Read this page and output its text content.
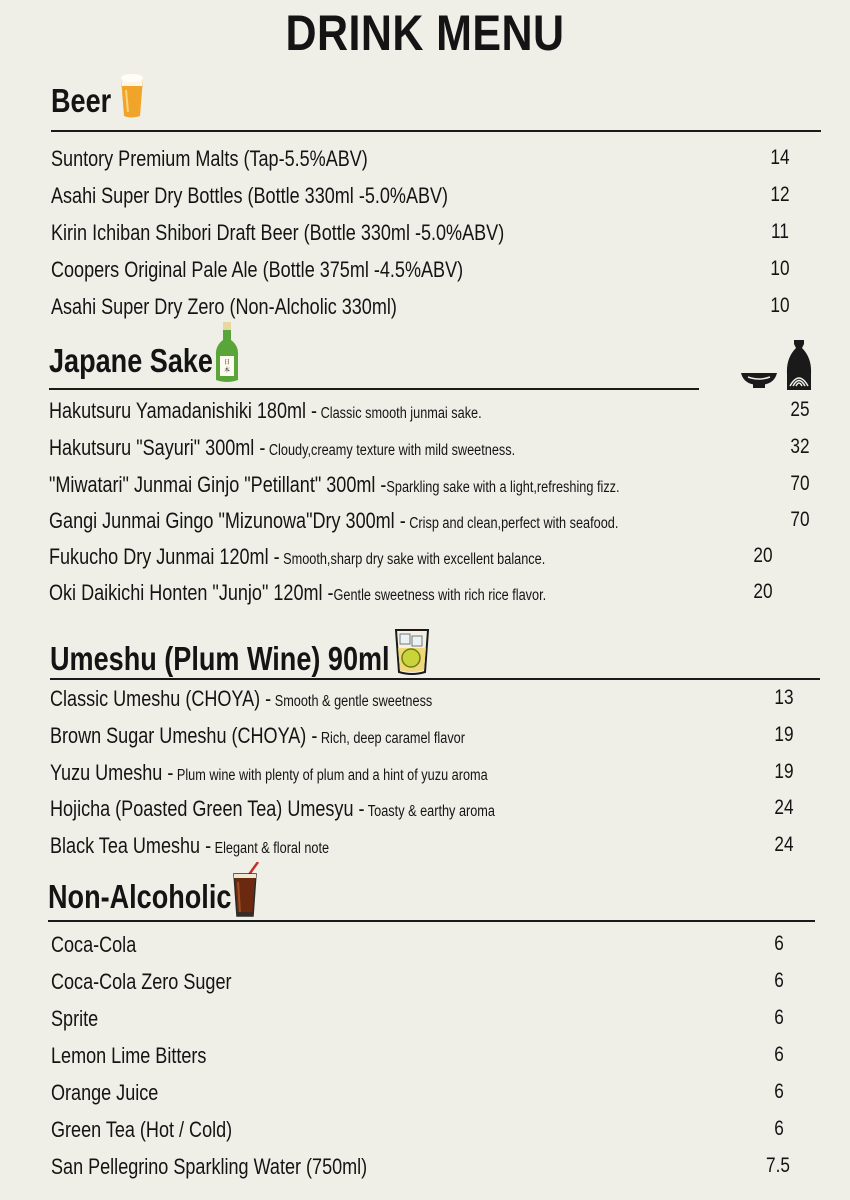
DRINK MENU
Beer
Suntory Premium Malts (Tap-5.5%ABV)	14
Asahi Super Dry Bottles (Bottle 330ml -5.0%ABV)	12
Kirin Ichiban Shibori Draft Beer (Bottle 330ml -5.0%ABV)	11
Coopers Original Pale Ale (Bottle 375ml -4.5%ABV)	10
Asahi Super Dry Zero (Non-Alcholic 330ml)	10
Japane Sake 日
本
Hakutsuru Yamadanishiki 180ml - Classic smooth junmai sake.	25
Hakutsuru "Sayuri" 300ml - Cloudy,creamy texture with mild sweetness.	32
"Miwatari" Junmai Ginjo "Petillant" 300ml -Sparkling sake with a light,refreshing fizz.	70
Gangi Junmai Gingo "Mizunowa"Dry 300ml - Crisp and clean,perfect with seafood.	70
Fukucho Dry Junmai 120ml - Smooth,sharp dry sake with excellent balance.	20
Oki Daikichi Honten "Junjo" 120ml -Gentle sweetness with rich rice flavor.	20
Umeshu (Plum Wine) 90ml
Classic Umeshu (CHOYA) - Smooth & gentle sweetness	13
Brown Sugar Umeshu (CHOYA) - Rich, deep caramel flavor	19
Yuzu Umeshu - Plum wine with plenty of plum and a hint of yuzu aroma	19
Hojicha (Poasted Green Tea) Umesyu - Toasty & earthy aroma	24
Black Tea Umeshu - Elegant & floral note	24
Non-Alcoholic
Coca-Cola	6
Coca-Cola Zero Suger	6
Sprite	6
Lemon Lime Bitters	6
Orange Juice	6
Green Tea (Hot / Cold)	6
San Pellegrino Sparkling Water (750ml)	7.5
